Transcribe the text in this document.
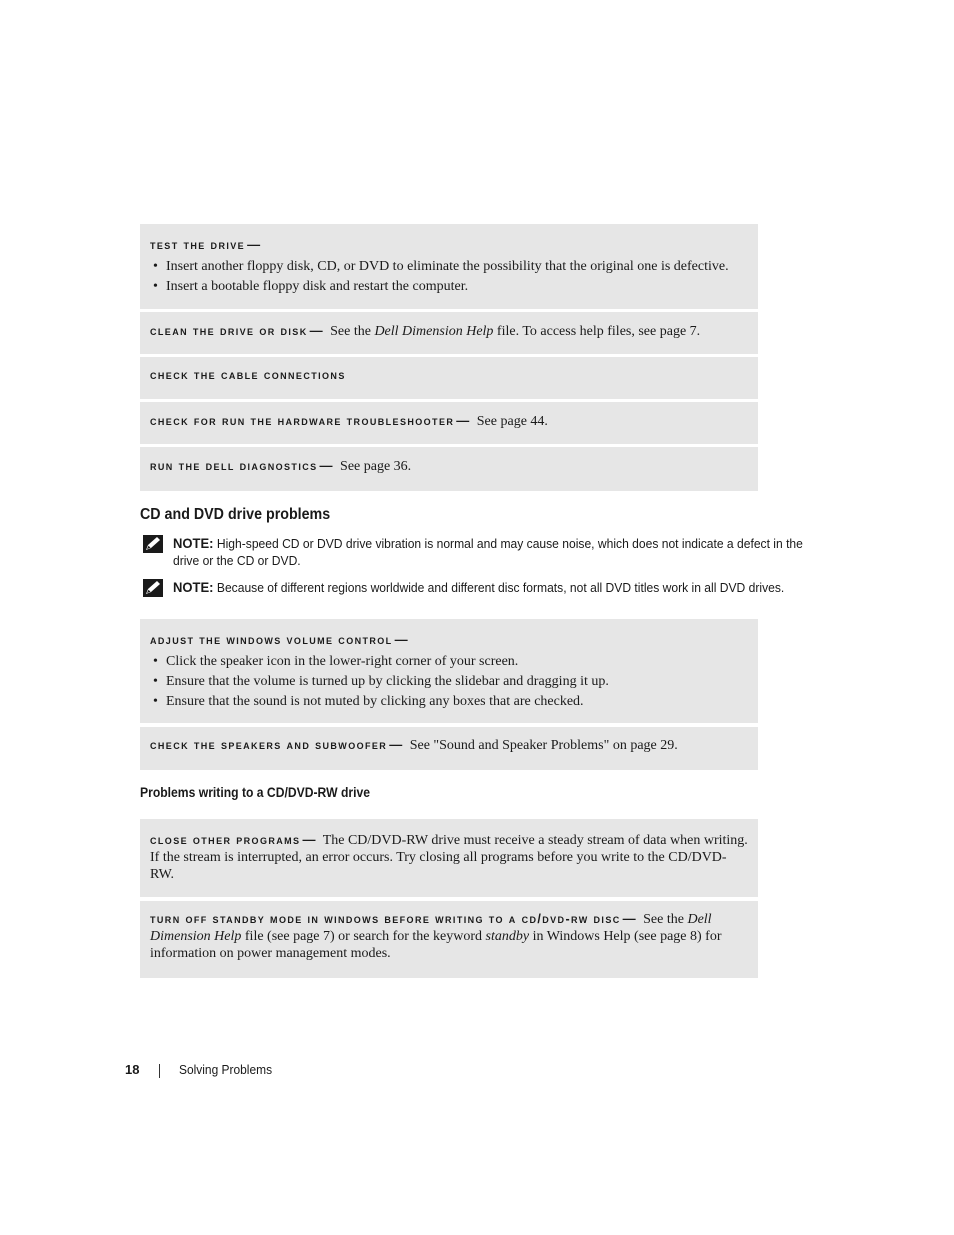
test the drive —
• Insert another floppy disk, CD, or DVD to eliminate the possibility that the original one is defective.
• Insert a bootable floppy disk and restart the computer.
clean the drive or disk — See the Dell Dimension Help file. To access help files, see page 7.
check the cable connections
check for run the hardware troubleshooter — See page 44.
run the dell diagnostics — See page 36.
CD and DVD drive problems
NOTE: High-speed CD or DVD drive vibration is normal and may cause noise, which does not indicate a defect in the drive or the CD or DVD.
NOTE: Because of different regions worldwide and different disc formats, not all DVD titles work in all DVD drives.
adjust the windows volume control —
• Click the speaker icon in the lower-right corner of your screen.
• Ensure that the volume is turned up by clicking the slidebar and dragging it up.
• Ensure that the sound is not muted by clicking any boxes that are checked.
check the speakers and subwoofer — See "Sound and Speaker Problems" on page 29.
Problems writing to a CD/DVD-RW drive
close other programs — The CD/DVD-RW drive must receive a steady stream of data when writing. If the stream is interrupted, an error occurs. Try closing all programs before you write to the CD/DVD-RW.
turn off standby mode in windows before writing to a cd/dvd-rw disc — See the Dell Dimension Help file (see page 7) or search for the keyword standby in Windows Help (see page 8) for information on power management modes.
18	Solving Problems
